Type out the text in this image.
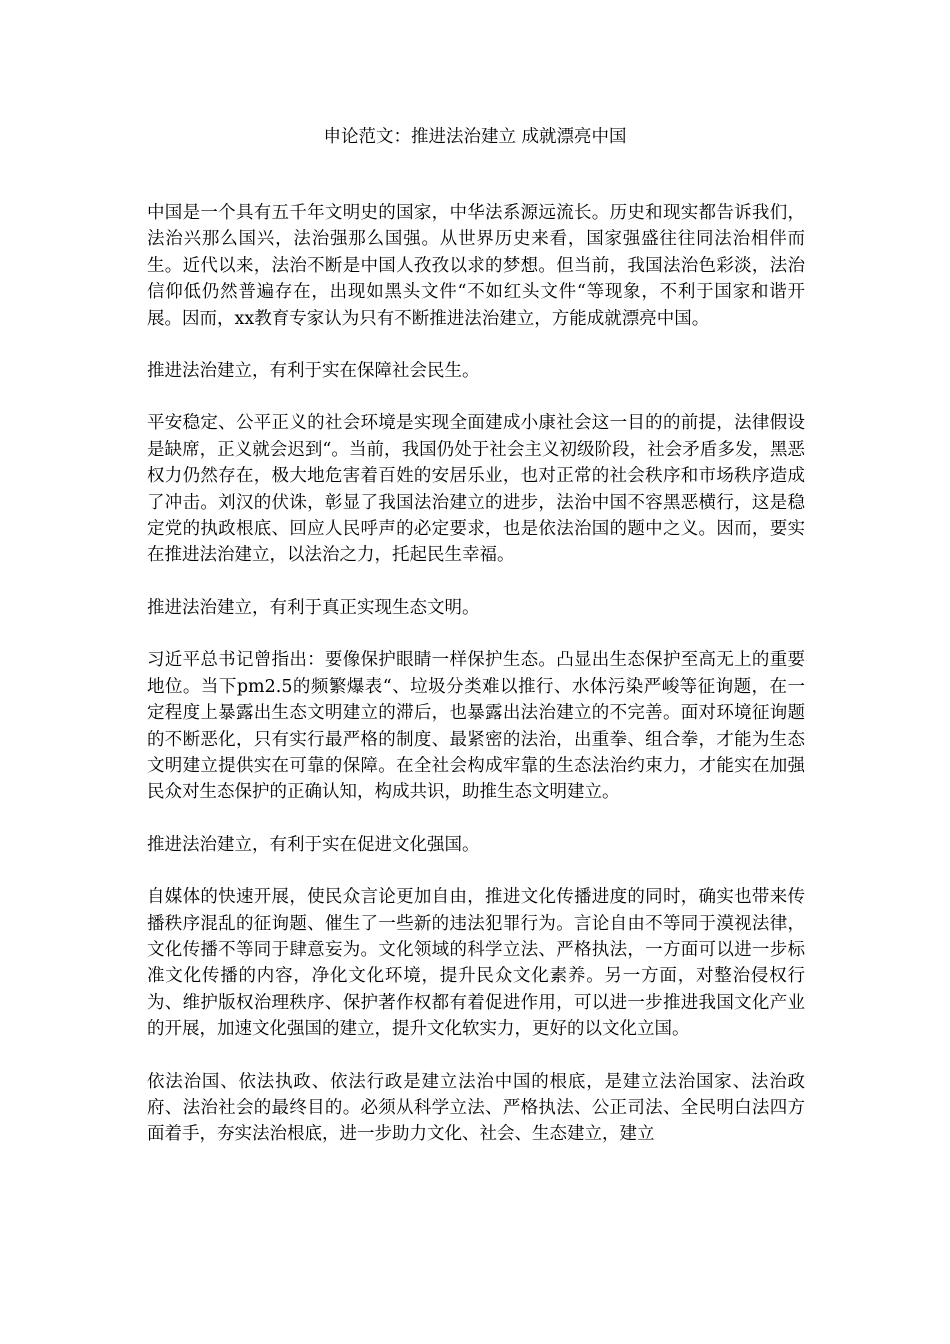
申论范文：推进法治建立 成就漂亮中国

中国是一个具有五千年文明史的国家，中华法系源远流长。历史和现实都告诉我们，法治兴那么国兴，法治强那么国强。从世界历史来看，国家强盛往往同法治相伴而生。近代以来，法治不断是中国人孜孜以求的梦想。但当前，我国法治色彩淡，法治信仰低仍然普遍存在，出现如黑头文件“不如红头文件“等现象，不利于国家和谐开展。因而，xx教育专家认为只有不断推进法治建立，方能成就漂亮中国。

推进法治建立，有利于实在保障社会民生。

平安稳定、公平正义的社会环境是实现全面建成小康社会这一目的的前提，法律假设是缺席，正义就会迟到“。当前，我国仍处于社会主义初级阶段，社会矛盾多发，黑恶权力仍然存在，极大地危害着百姓的安居乐业，也对正常的社会秩序和市场秩序造成了冲击。刘汉的伏诛，彰显了我国法治建立的进步，法治中国不容黑恶横行，这是稳定党的执政根底、回应人民呼声的必定要求，也是依法治国的题中之义。因而，要实在推进法治建立，以法治之力，托起民生幸福。

推进法治建立，有利于真正实现生态文明。

习近平总书记曾指出：要像保护眼睛一样保护生态。凸显出生态保护至高无上的重要地位。当下pm2.5的频繁爆表“、垃圾分类难以推行、水体污染严峻等征询题，在一定程度上暴露出生态文明建立的滞后，也暴露出法治建立的不完善。面对环境征询题的不断恶化，只有实行最严格的制度、最紧密的法治，出重拳、组合拳，才能为生态文明建立提供实在可靠的保障。在全社会构成牢靠的生态法治约束力，才能实在加强民众对生态保护的正确认知，构成共识，助推生态文明建立。

推进法治建立，有利于实在促进文化强国。

自媒体的快速开展，使民众言论更加自由，推进文化传播进度的同时，确实也带来传播秩序混乱的征询题、催生了一些新的违法犯罪行为。言论自由不等同于漠视法律，文化传播不等同于肆意妄为。文化领域的科学立法、严格执法，一方面可以进一步标准文化传播的内容，净化文化环境，提升民众文化素养。另一方面，对整治侵权行为、维护版权治理秩序、保护著作权都有着促进作用，可以进一步推进我国文化产业的开展，加速文化强国的建立，提升文化软实力，更好的以文化立国。

依法治国、依法执政、依法行政是建立法治中国的根底，是建立法治国家、法治政府、法治社会的最终目的。必须从科学立法、严格执法、公正司法、全民明白法四方面着手，夯实法治根底，进一步助力文化、社会、生态建立，建立
